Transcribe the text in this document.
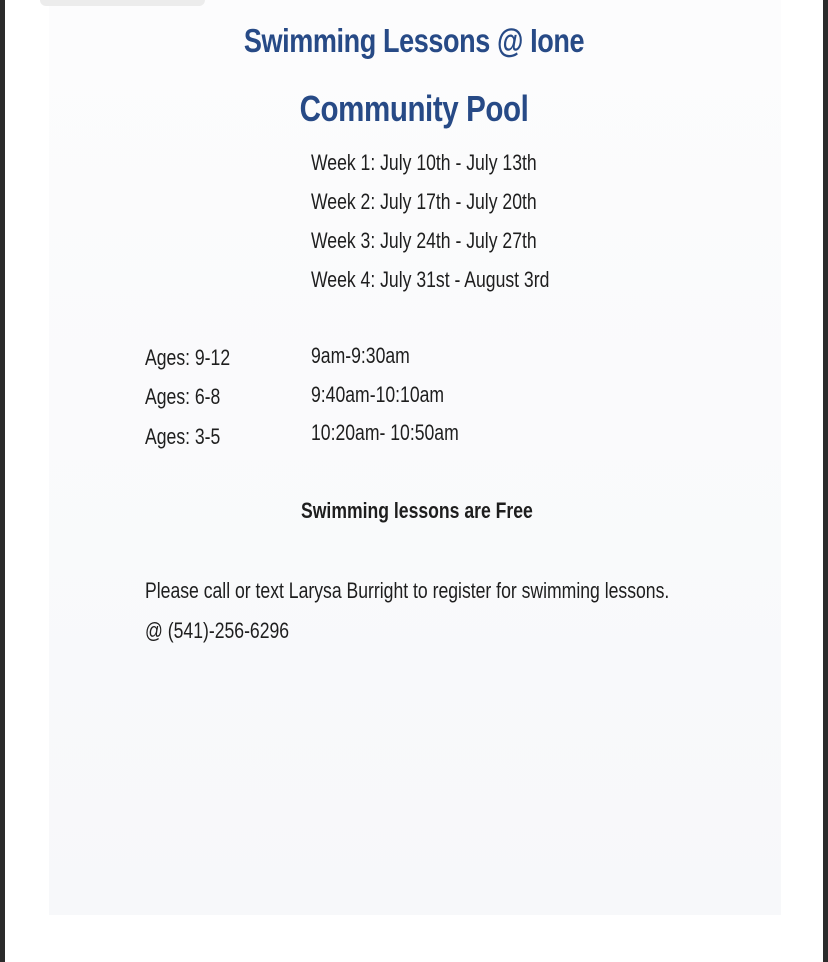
Swimming Lessons @ Ione
Community Pool
Week 1: July 10th - July 13th
Week 2: July 17th - July 20th
Week 3: July 24th - July 27th
Week 4: July 31st - August 3rd
Ages: 9-12	9am-9:30am
Ages: 6-8	9:40am-10:10am
Ages: 3-5	10:20am- 10:50am
Swimming lessons are Free
Please call or text Larysa Burright to register for swimming lessons.
@ (541)-256-6296
